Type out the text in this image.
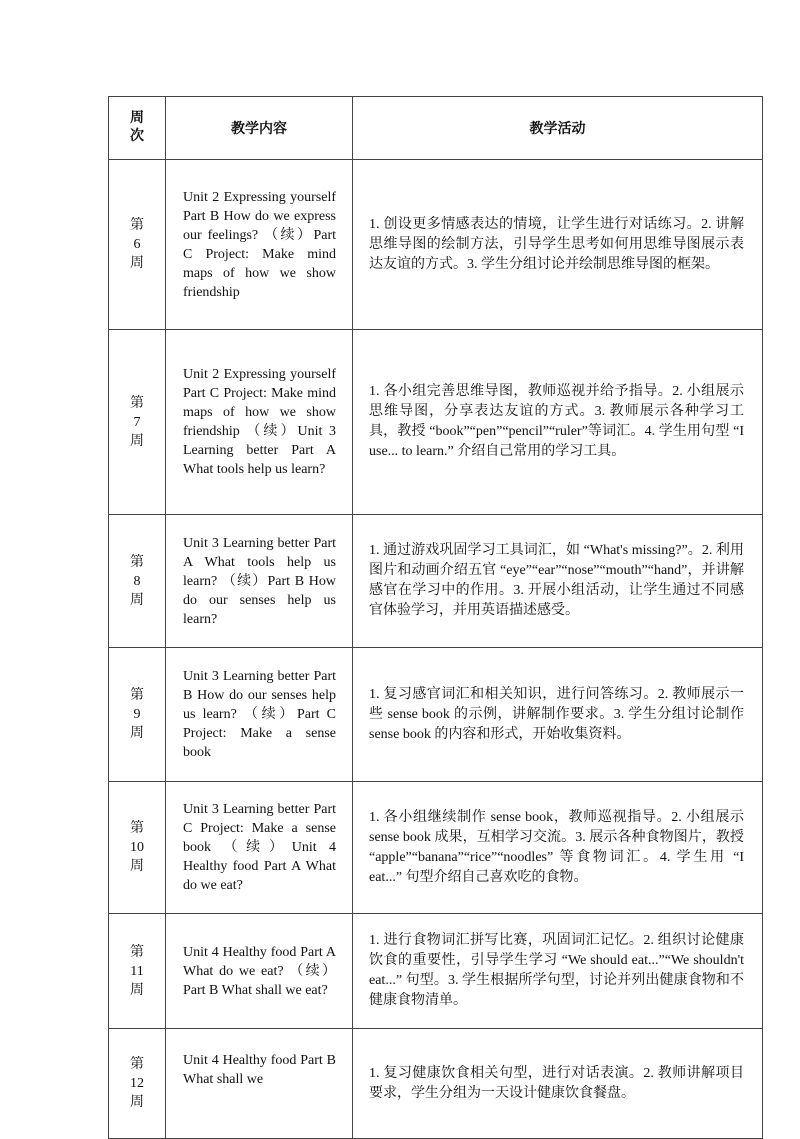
周
次	教学内容	教学活动
第
6
周	Unit 2 Expressing yourself Part B How do we express our feelings? （续）Part C Project: Make mind maps of how we show friendship	1. 创设更多情感表达的情境，让学生进行对话练习。2. 讲解思维导图的绘制方法，引导学生思考如何用思维导图展示表达友谊的方式。3. 学生分组讨论并绘制思维导图的框架。
第
7
周	Unit 2 Expressing yourself Part C Project: Make mind maps of how we show friendship （续）Unit 3 Learning better Part A What tools help us learn?	1. 各小组完善思维导图，教师巡视并给予指导。2. 小组展示思维导图，分享表达友谊的方式。3. 教师展示各种学习工具，教授 “book”“pen”“pencil”“ruler”等词汇。4. 学生用句型 “I use... to learn.” 介绍自己常用的学习工具。
第
8
周	Unit 3 Learning better Part A What tools help us learn? （续）Part B How do our senses help us learn?	1. 通过游戏巩固学习工具词汇，如 “What's missing?”。2. 利用图片和动画介绍五官 “eye”“ear”“nose”“mouth”“hand”，并讲解感官在学习中的作用。3. 开展小组活动，让学生通过不同感官体验学习，并用英语描述感受。
第
9
周	Unit 3 Learning better Part B How do our senses help us learn? （续）Part C Project: Make a sense book	1. 复习感官词汇和相关知识，进行问答练习。2. 教师展示一些 sense book 的示例，讲解制作要求。3. 学生分组讨论制作 sense book 的内容和形式，开始收集资料。
第
10
周	Unit 3 Learning better Part C Project: Make a sense book （续）Unit 4 Healthy food Part A What do we eat?	1. 各小组继续制作 sense book，教师巡视指导。2. 小组展示 sense book 成果，互相学习交流。3. 展示各种食物图片，教授 “apple”“banana”“rice”“noodles” 等食物词汇。4. 学生用 “I eat...” 句型介绍自己喜欢吃的食物。
第
11
周	Unit 4 Healthy food Part A What do we eat? （续）Part B What shall we eat?	1. 进行食物词汇拼写比赛，巩固词汇记忆。2. 组织讨论健康饮食的重要性，引导学生学习 “We should eat...”“We shouldn't eat...” 句型。3. 学生根据所学句型，讨论并列出健康食物和不健康食物清单。
第
12
周	Unit 4 Healthy food Part B What shall we	1. 复习健康饮食相关句型，进行对话表演。2. 教师讲解项目要求，学生分组为一天设计健康饮食餐盘。
